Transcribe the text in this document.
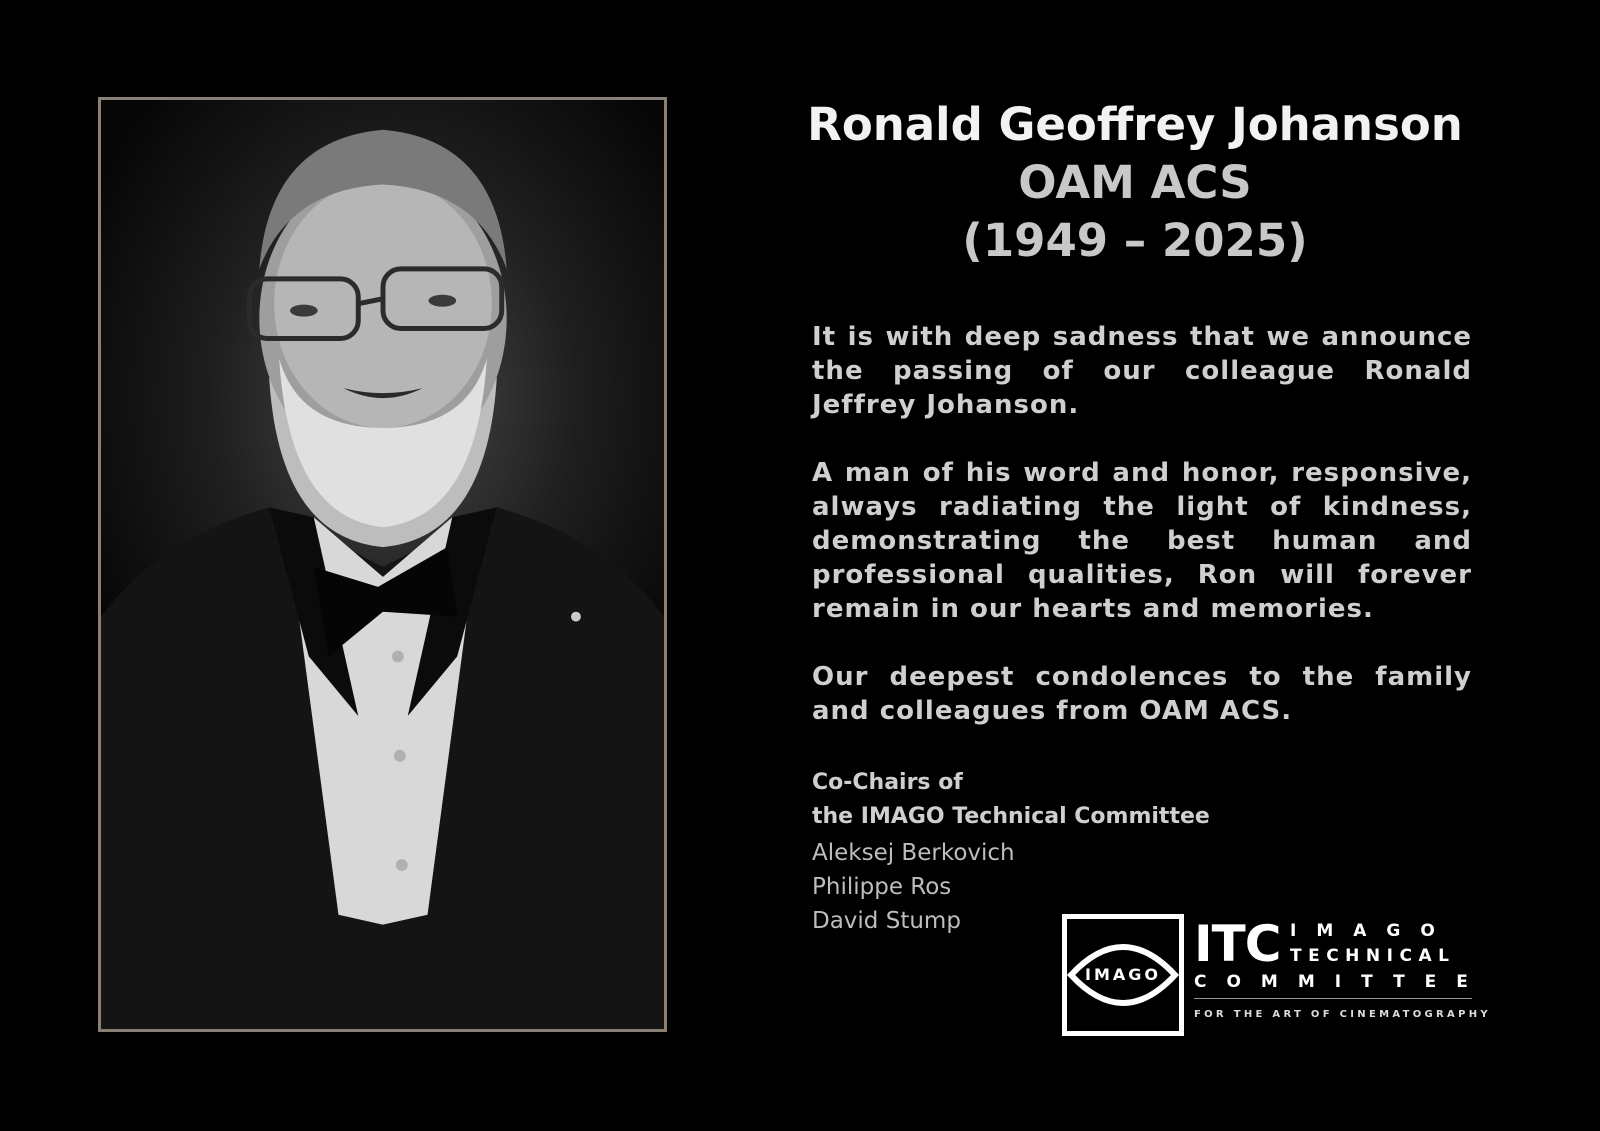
Ronald Geoffrey Johanson

OAM ACS

(1949 – 2025)

It is with deep sadness that we announce the passing of our colleague Ronald Jeffrey Johanson.

A man of his word and honor, responsive, always radiating the light of kindness, demonstrating the best human and professional qualities, Ron will forever remain in our hearts and memories.

Our deepest condolences to the family and colleagues from OAM ACS.

Co-Chairs of
the IMAGO Technical Committee
Aleksej Berkovich
Philippe Ros
David Stump
IMAGO
ITC IMAGO
TECHNICAL
COMMITTEE
FOR THE ART OF CINEMATOGRAPHY
